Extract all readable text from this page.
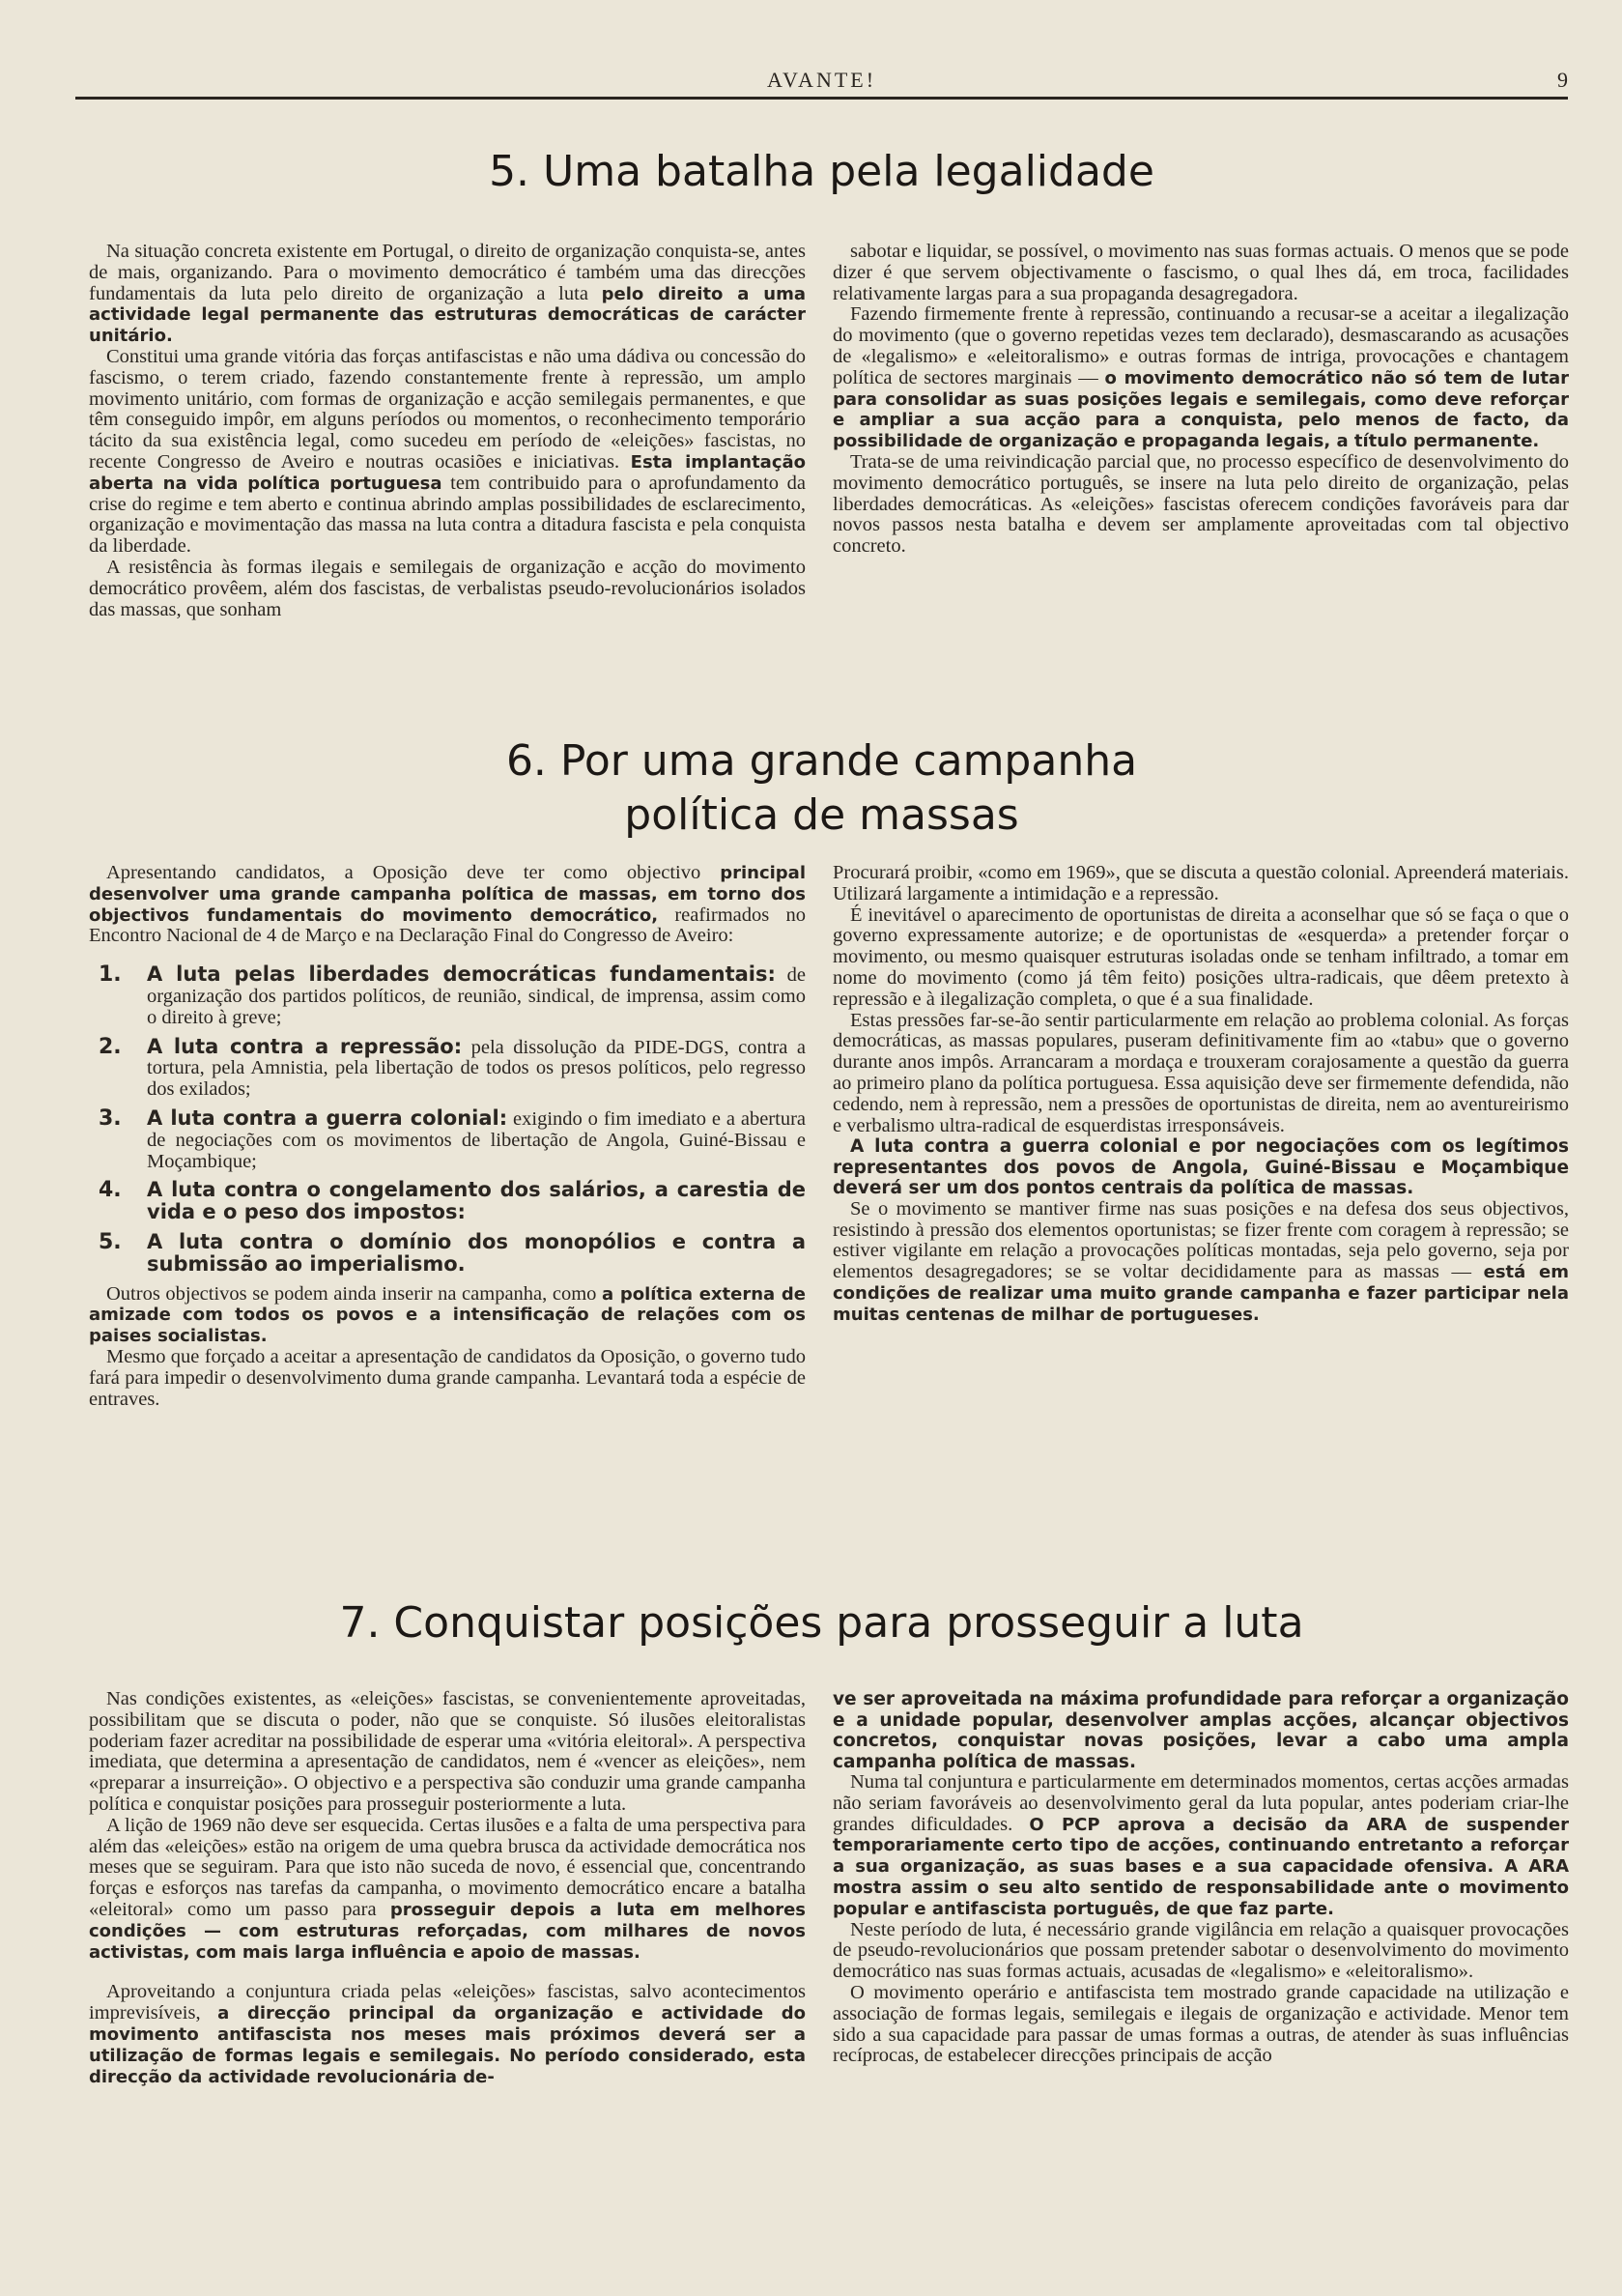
AVANTE!	9
5. Uma batalha pela legalidade

Na situação concreta existente em Portugal, o direito de organização conquista-se, antes de mais, organizando. Para o movimento democrático é também uma das direcções fundamentais da luta pelo direito de organização a luta pelo direito a uma actividade legal permanente das estruturas democráticas de carácter unitário.

Constitui uma grande vitória das forças antifascistas e não uma dádiva ou concessão do fascismo, o terem criado, fazendo constantemente frente à repressão, um amplo movimento unitário, com formas de organização e acção semilegais permanentes, e que têm conseguido impôr, em alguns períodos ou momentos, o reconhecimento temporário tácito da sua existência legal, como sucedeu em período de «eleições» fascistas, no recente Congresso de Aveiro e noutras ocasiões e iniciativas. Esta implantação aberta na vida política portuguesa tem contribuido para o aprofundamento da crise do regime e tem aberto e continua abrindo amplas possibilidades de esclarecimento, organização e movimentação das massa na luta contra a ditadura fascista e pela conquista da liberdade.

A resistência às formas ilegais e semilegais de organização e acção do movimento democrático provêem, além dos fascistas, de verbalistas pseudo-revolucionários isolados das massas, que sonham

sabotar e liquidar, se possível, o movimento nas suas formas actuais. O menos que se pode dizer é que servem objectivamente o fascismo, o qual lhes dá, em troca, facilidades relativamente largas para a sua propaganda desagregadora.

Fazendo firmemente frente à repressão, continuando a recusar-se a aceitar a ilegalização do movimento (que o governo repetidas vezes tem declarado), desmascarando as acusações de «legalismo» e «eleitoralismo» e outras formas de intriga, provocações e chantagem política de sectores marginais — o movimento democrático não só tem de lutar para consolidar as suas posições legais e semilegais, como deve reforçar e ampliar a sua acção para a conquista, pelo menos de facto, da possibilidade de organização e propaganda legais, a título permanente.

Trata-se de uma reivindicação parcial que, no processo específico de desenvolvimento do movimento democrático português, se insere na luta pelo direito de organização, pelas liberdades democráticas. As «eleições» fascistas oferecem condições favoráveis para dar novos passos nesta batalha e devem ser amplamente aproveitadas com tal objectivo concreto.

6. Por uma grande campanha
política de massas

Apresentando candidatos, a Oposição deve ter como objectivo principal desenvolver uma grande campanha política de massas, em torno dos objectivos fundamentais do movimento democrático, reafirmados no Encontro Nacional de 4 de Março e na Declaração Final do Congresso de Aveiro:

1. A luta pelas liberdades democráticas fundamentais: de organização dos partidos políticos, de reunião, sindical, de imprensa, assim como o direito à greve;
2. A luta contra a repressão: pela dissolução da PIDE-DGS, contra a tortura, pela Amnistia, pela libertação de todos os presos políticos, pelo regresso dos exilados;
3. A luta contra a guerra colonial: exigindo o fim imediato e a abertura de negociações com os movimentos de libertação de Angola, Guiné-Bissau e Moçambique;
4. A luta contra o congelamento dos salários, a carestia de vida e o peso dos impostos:
5. A luta contra o domínio dos monopólios e contra a submissão ao imperialismo.

Outros objectivos se podem ainda inserir na campanha, como a política externa de amizade com todos os povos e a intensificação de relações com os paises socialistas.

Mesmo que forçado a aceitar a apresentação de candidatos da Oposição, o governo tudo fará para impedir o desenvolvimento duma grande campanha. Levantará toda a espécie de entraves.

Procurará proibir, «como em 1969», que se discuta a questão colonial. Apreenderá materiais. Utilizará largamente a intimidação e a repressão.

É inevitável o aparecimento de oportunistas de direita a aconselhar que só se faça o que o governo expressamente autorize; e de oportunistas de «esquerda» a pretender forçar o movimento, ou mesmo quaisquer estruturas isoladas onde se tenham infiltrado, a tomar em nome do movimento (como já têm feito) posições ultra-radicais, que dêem pretexto à repressão e à ilegalização completa, o que é a sua finalidade.

Estas pressões far-se-ão sentir particularmente em relação ao problema colonial. As forças democráticas, as massas populares, puseram definitivamente fim ao «tabu» que o governo durante anos impôs. Arrancaram a mordaça e trouxeram corajosamente a questão da guerra ao primeiro plano da política portuguesa. Essa aquisição deve ser firmemente defendida, não cedendo, nem à repressão, nem a pressões de oportunistas de direita, nem ao aventureirismo e verbalismo ultra-radical de esquerdistas irresponsáveis.

A luta contra a guerra colonial e por negociações com os legítimos representantes dos povos de Angola, Guiné-Bissau e Moçambique deverá ser um dos pontos centrais da política de massas.

Se o movimento se mantiver firme nas suas posições e na defesa dos seus objectivos, resistindo à pressão dos elementos oportunistas; se fizer frente com coragem à repressão; se estiver vigilante em relação a provocações políticas montadas, seja pelo governo, seja por elementos desagregadores; se se voltar decididamente para as massas — está em condições de realizar uma muito grande campanha e fazer participar nela muitas centenas de milhar de portugueses.

7. Conquistar posições para prosseguir a luta

Nas condições existentes, as «eleições» fascistas, se convenientemente aproveitadas, possibilitam que se discuta o poder, não que se conquiste. Só ilusões eleitoralistas poderiam fazer acreditar na possibilidade de esperar uma «vitória eleitoral». A perspectiva imediata, que determina a apresentação de candidatos, nem é «vencer as eleições», nem «preparar a insurreição». O objectivo e a perspectiva são conduzir uma grande campanha política e conquistar posições para prosseguir posteriormente a luta.

A lição de 1969 não deve ser esquecida. Certas ilusões e a falta de uma perspectiva para além das «eleições» estão na origem de uma quebra brusca da actividade democrática nos meses que se seguiram. Para que isto não suceda de novo, é essencial que, concentrando forças e esforços nas tarefas da campanha, o movimento democrático encare a batalha «eleitoral» como um passo para prosseguir depois a luta em melhores condições — com estruturas reforçadas, com milhares de novos activistas, com mais larga influência e apoio de massas.

Aproveitando a conjuntura criada pelas «eleições» fascistas, salvo acontecimentos imprevisíveis, a direcção principal da organização e actividade do movimento antifascista nos meses mais próximos deverá ser a utilização de formas legais e semilegais. No período considerado, esta direcção da actividade revolucionária de-

ve ser aproveitada na máxima profundidade para reforçar a organização e a unidade popular, desenvolver amplas acções, alcançar objectivos concretos, conquistar novas posições, levar a cabo uma ampla campanha política de massas.

Numa tal conjuntura e particularmente em determinados momentos, certas acções armadas não seriam favoráveis ao desenvolvimento geral da luta popular, antes poderiam criar-lhe grandes dificuldades. O PCP aprova a decisão da ARA de suspender temporariamente certo tipo de acções, continuando entretanto a reforçar a sua organização, as suas bases e a sua capacidade ofensiva. A ARA mostra assim o seu alto sentido de responsabilidade ante o movimento popular e antifascista português, de que faz parte.

Neste período de luta, é necessário grande vigilância em relação a quaisquer provocações de pseudo-revolucionários que possam pretender sabotar o desenvolvimento do movimento democrático nas suas formas actuais, acusadas de «legalismo» e «eleitoralismo».

O movimento operário e antifascista tem mostrado grande capacidade na utilização e associação de formas legais, semilegais e ilegais de organização e actividade. Menor tem sido a sua capacidade para passar de umas formas a outras, de atender às suas influências recíprocas, de estabelecer direcções principais de acção
